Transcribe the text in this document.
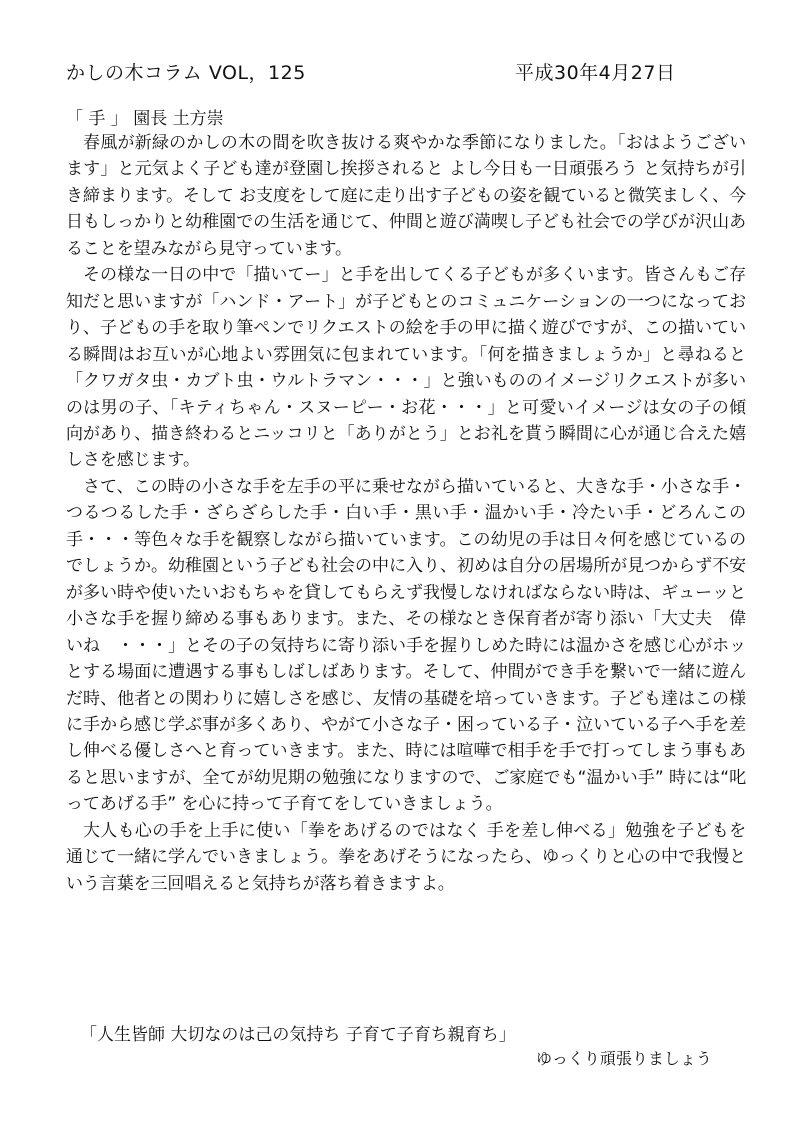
かしの木コラム VOL，125	平成30年4月27日
「 手 」 園長 土方崇

春風が新緑のかしの木の間を吹き抜ける爽やかな季節になりました。「おはようございます」と元気よく子ども達が登園し挨拶されると よし今日も一日頑張ろう と気持ちが引き締まります。そして お支度をして庭に走り出す子どもの姿を観ていると微笑ましく、今日もしっかりと幼稚園での生活を通じて、仲間と遊び満喫し子ども社会での学びが沢山あることを望みながら見守っています。

その様な一日の中で「描いてー」と手を出してくる子どもが多くいます。皆さんもご存知だと思いますが「ハンド・アート」が子どもとのコミュニケーションの一つになっており、子どもの手を取り筆ペンでリクエストの絵を手の甲に描く遊びですが、この描いている瞬間はお互いが心地よい雰囲気に包まれています。「何を描きましょうか」と尋ねると「クワガタ虫・カブト虫・ウルトラマン・・・」と強いもののイメージリクエストが多いのは男の子、「キティちゃん・スヌーピー・お花・・・」と可愛いイメージは女の子の傾向があり、描き終わるとニッコリと「ありがとう」とお礼を貰う瞬間に心が通じ合えた嬉しさを感じます。

さて、この時の小さな手を左手の平に乗せながら描いていると、大きな手・小さな手・つるつるした手・ざらざらした手・白い手・黒い手・温かい手・冷たい手・どろんこの手・・・等色々な手を観察しながら描いています。この幼児の手は日々何を感じているのでしょうか。幼稚園という子ども社会の中に入り、初めは自分の居場所が見つからず不安が多い時や使いたいおもちゃを貸してもらえず我慢しなければならない時は、ギューッと小さな手を握り締める事もあります。また、その様なとき保育者が寄り添い「大丈夫　偉いね　・・・」とその子の気持ちに寄り添い手を握りしめた時には温かさを感じ心がホッとする場面に遭遇する事もしばしばあります。そして、仲間ができ手を繋いで一緒に遊んだ時、他者との関わりに嬉しさを感じ、友情の基礎を培っていきます。子ども達はこの様に手から感じ学ぶ事が多くあり、やがて小さな子・困っている子・泣いている子へ手を差し伸べる優しさへと育っていきます。また、時には喧嘩で相手を手で打ってしまう事もあると思いますが、全てが幼児期の勉強になりますので、ご家庭でも“温かい手” 時には“叱ってあげる手” を心に持って子育てをしていきましょう。

大人も心の手を上手に使い「拳をあげるのではなく 手を差し伸べる」勉強を子どもを通じて一緒に学んでいきましょう。拳をあげそうになったら、ゆっくりと心の中で我慢という言葉を三回唱えると気持ちが落ち着きますよ。

「人生皆師 大切なのは己の気持ち 子育て子育ち親育ち」
ゆっくり頑張りましょう
